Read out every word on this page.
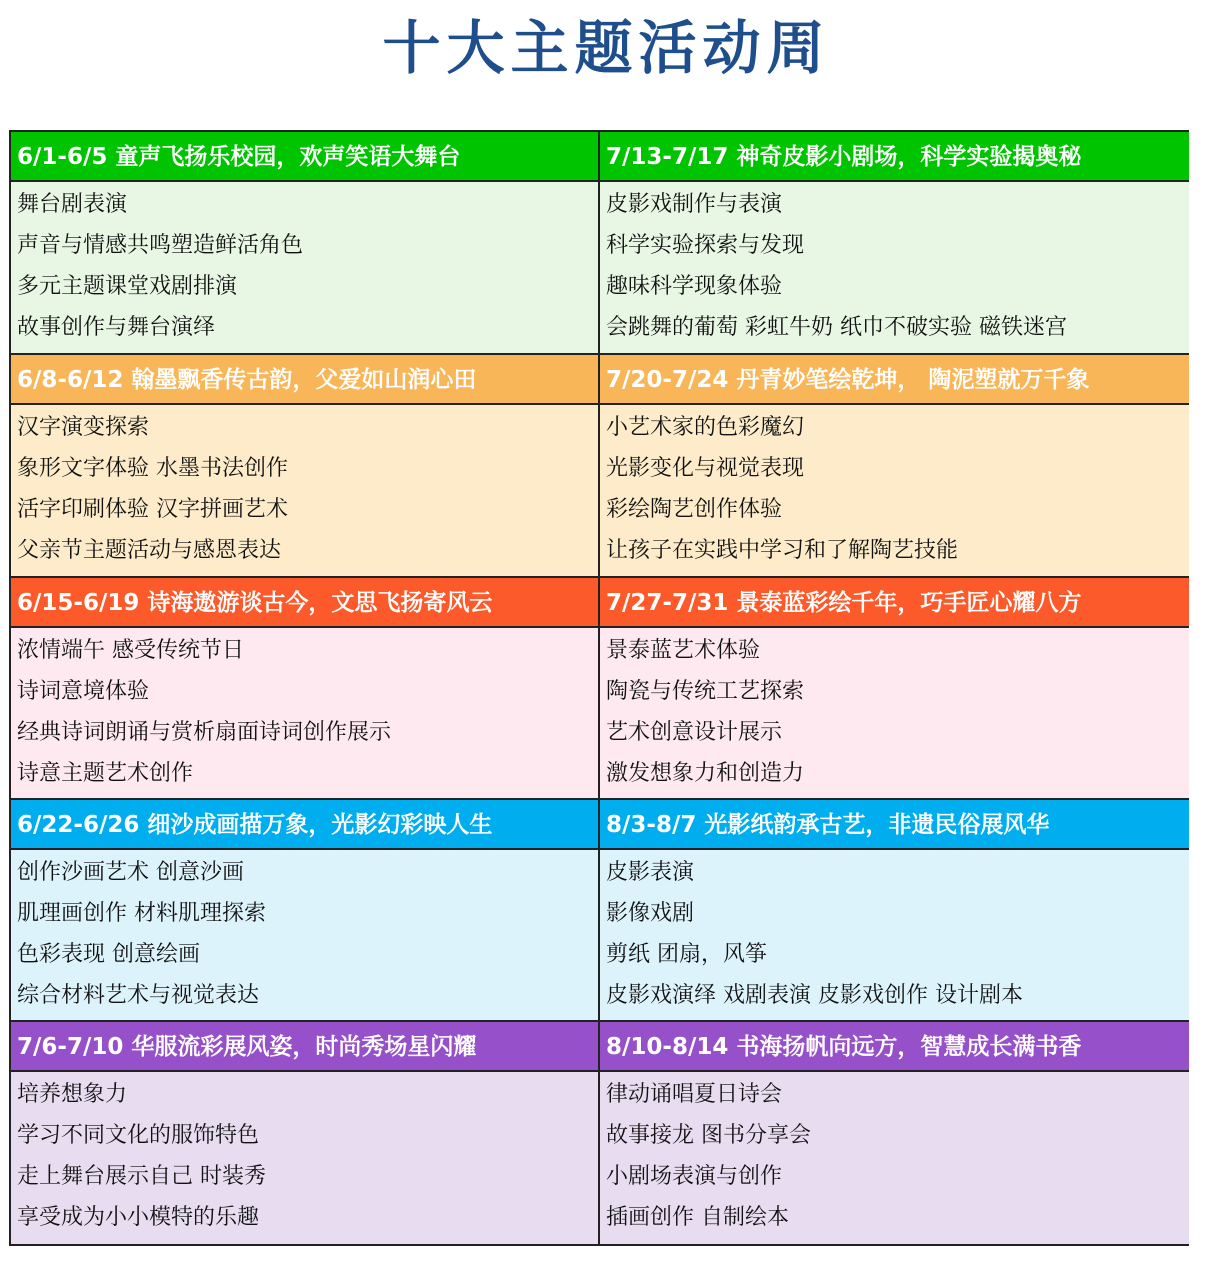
十大主题活动周
6/1-6/5 童声飞扬乐校园，欢声笑语大舞台
舞台剧表演
声音与情感共鸣塑造鲜活角色
多元主题课堂戏剧排演
故事创作与舞台演绎
6/8-6/12 翰墨飘香传古韵，父爱如山润心田
汉字演变探索
象形文字体验 水墨书法创作
活字印刷体验 汉字拼画艺术
父亲节主题活动与感恩表达
6/15-6/19 诗海遨游谈古今，文思飞扬寄风云
浓情端午 感受传统节日
诗词意境体验
经典诗词朗诵与赏析扇面诗词创作展示
诗意主题艺术创作
6/22-6/26 细沙成画描万象，光影幻彩映人生
创作沙画艺术 创意沙画
肌理画创作 材料肌理探索
色彩表现 创意绘画
综合材料艺术与视觉表达
7/6-7/10 华服流彩展风姿，时尚秀场星闪耀
培养想象力
学习不同文化的服饰特色
走上舞台展示自己 时装秀
享受成为小小模特的乐趣
7/13-7/17 神奇皮影小剧场，科学实验揭奥秘
皮影戏制作与表演
科学实验探索与发现
趣味科学现象体验
会跳舞的葡萄 彩虹牛奶 纸巾不破实验 磁铁迷宫
7/20-7/24 丹青妙笔绘乾坤， 陶泥塑就万千象
小艺术家的色彩魔幻
光影变化与视觉表现
彩绘陶艺创作体验
让孩子在实践中学习和了解陶艺技能
7/27-7/31 景泰蓝彩绘千年，巧手匠心耀八方
景泰蓝艺术体验
陶瓷与传统工艺探索
艺术创意设计展示
激发想象力和创造力
8/3-8/7 光影纸韵承古艺，非遗民俗展风华
皮影表演
影像戏剧
剪纸 团扇，风筝
皮影戏演绎 戏剧表演 皮影戏创作 设计剧本
8/10-8/14 书海扬帆向远方，智慧成长满书香
律动诵唱夏日诗会
故事接龙 图书分享会
小剧场表演与创作
插画创作 自制绘本
